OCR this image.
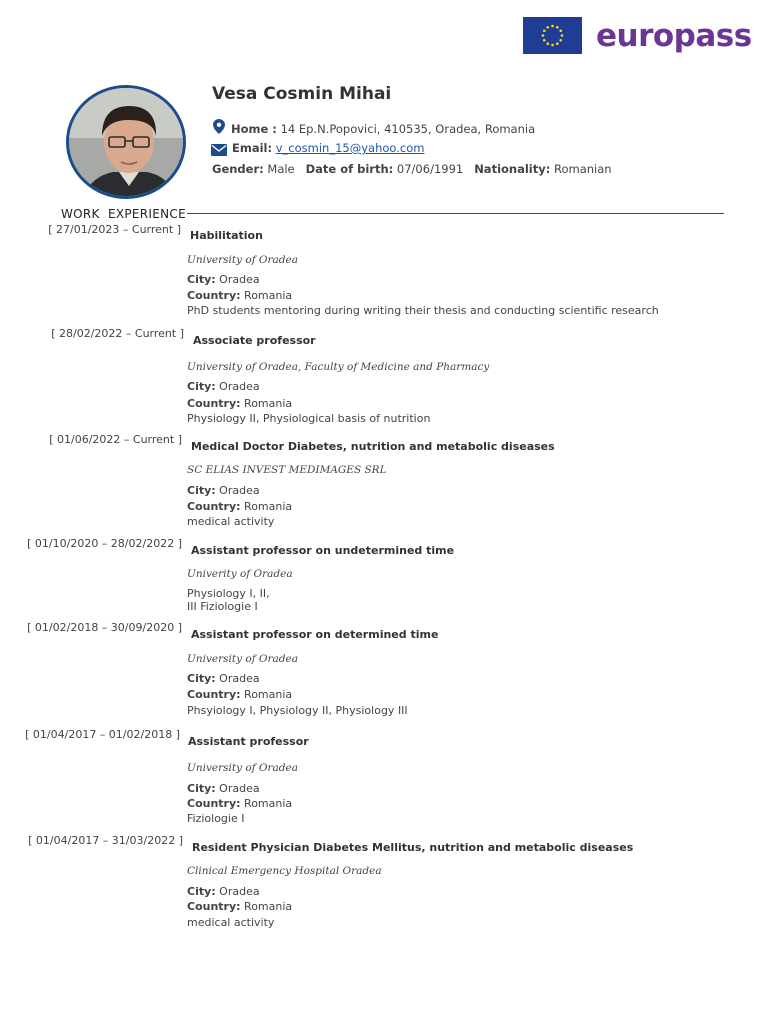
europass
Vesa Cosmin Mihai
Home : 14 Ep.N.Popovici, 410535, Oradea, Romania
Email: v_cosmin_15@yahoo.com
Gender: Male Date of birth: 07/06/1991 Nationality: Romanian
WORK  EXPERIENCE
[ 27/01/2023 – Current ] Habilitation
University of Oradea
City: Oradea
Country: Romania
PhD students mentoring during writing their thesis and conducting scientific research
[ 28/02/2022 – Current ]
Associate professor
University of Oradea, Faculty of Medicine and Pharmacy
City: Oradea
Country: Romania
Physiology II, Physiological basis of nutrition
[ 01/06/2022 – Current ]
Medical Doctor Diabetes, nutrition and metabolic diseases
SC ELIAS INVEST MEDIMAGES SRL
City: Oradea
Country: Romania
medical activity
[ 01/10/2020 – 28/02/2022 ]
Assistant professor on undetermined time
Univerity of Oradea
Physiology I, II,
III Fiziologie I
[ 01/02/2018 – 30/09/2020 ]
Assistant professor on determined time
University of Oradea
City: Oradea
Country: Romania
Phsyiology I, Physiology II, Physiology III
[ 01/04/2017 – 01/02/2018 ]
Assistant professor
University of Oradea
City: Oradea
Country: Romania
Fiziologie I
[ 01/04/2017 – 31/03/2022 ]
Resident Physician Diabetes Mellitus, nutrition and metabolic diseases
Clinical Emergency Hospital Oradea
City: Oradea
Country: Romania
medical activity
